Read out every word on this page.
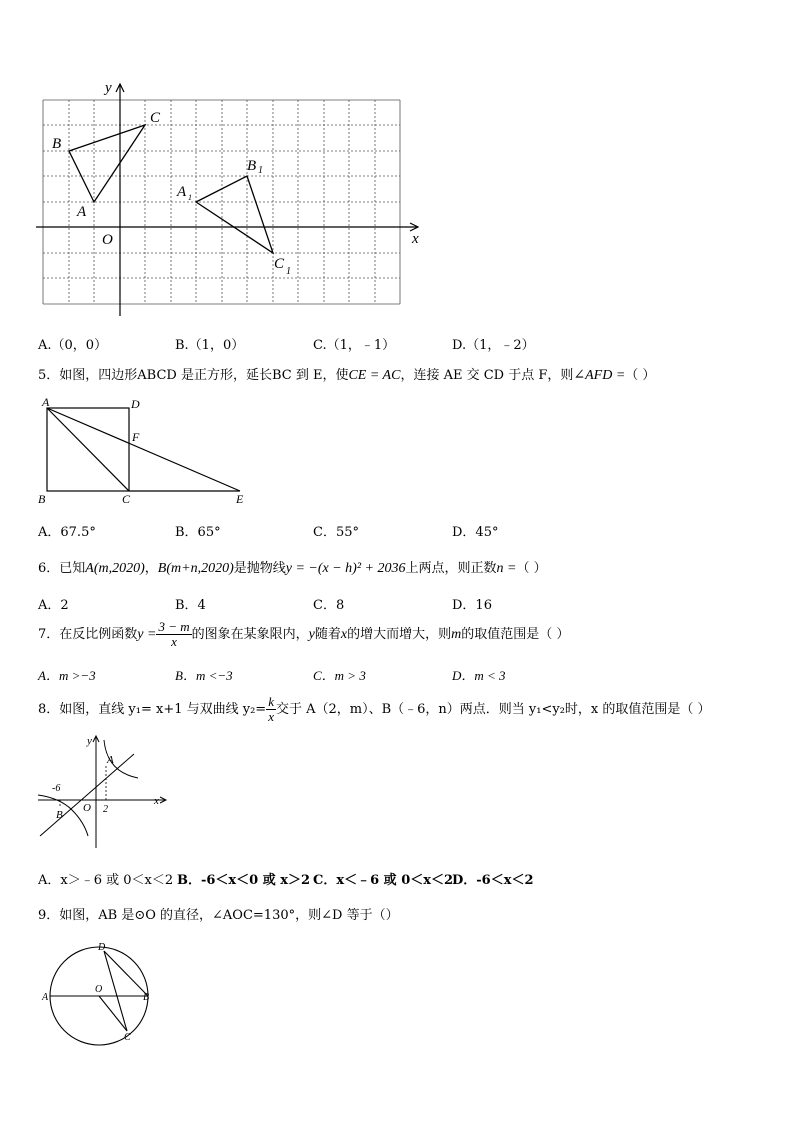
y
x
O
B
C
A
A 1
B 1
C 1
A.（0，0）	B.（1，0）	C.（1，﹣1）	D.（1，﹣2）
5．如图，四边形ABCD 是正方形，延长BC 到 E，使CE = AC，连接 AE 交 CD 于点 F，则∠AFD =（ ）
A	D
F
B	C	E
A．67.5°	B．65°	C．55°	D．45°
6．已知A(m,2020)，B(m+n,2020)是抛物线y = −(x − h)² + 2036上两点，则正数n =（ ）
A．2	B．4	C．8	D．16
7．在反比例函数$y = \frac{3 - m}{x}$ 的图象在某象限内，y随着x的增大而增大，则m的取值范围是（ ）
A．m >−3	B．m <−3	C．m > 3	D．m < 3
8．如图，直线 y₁= x+1 与双曲线 $y_2= \frac{k}{x}$ 交于 A（2，m）、B（﹣6，n）两点．则当 y₁<y₂时，x 的取值范围是（ ）
y
x
O
A
B
-6
2
A．x＞﹣6 或 0＜x＜2 B．-6＜x＜0 或 x＞2 C．x＜﹣6 或 0＜x＜2
D．-6＜x＜2
9．如图，AB 是⊙O 的直径，∠AOC=130°，则∠D 等于（）
D
A
O
B
C
